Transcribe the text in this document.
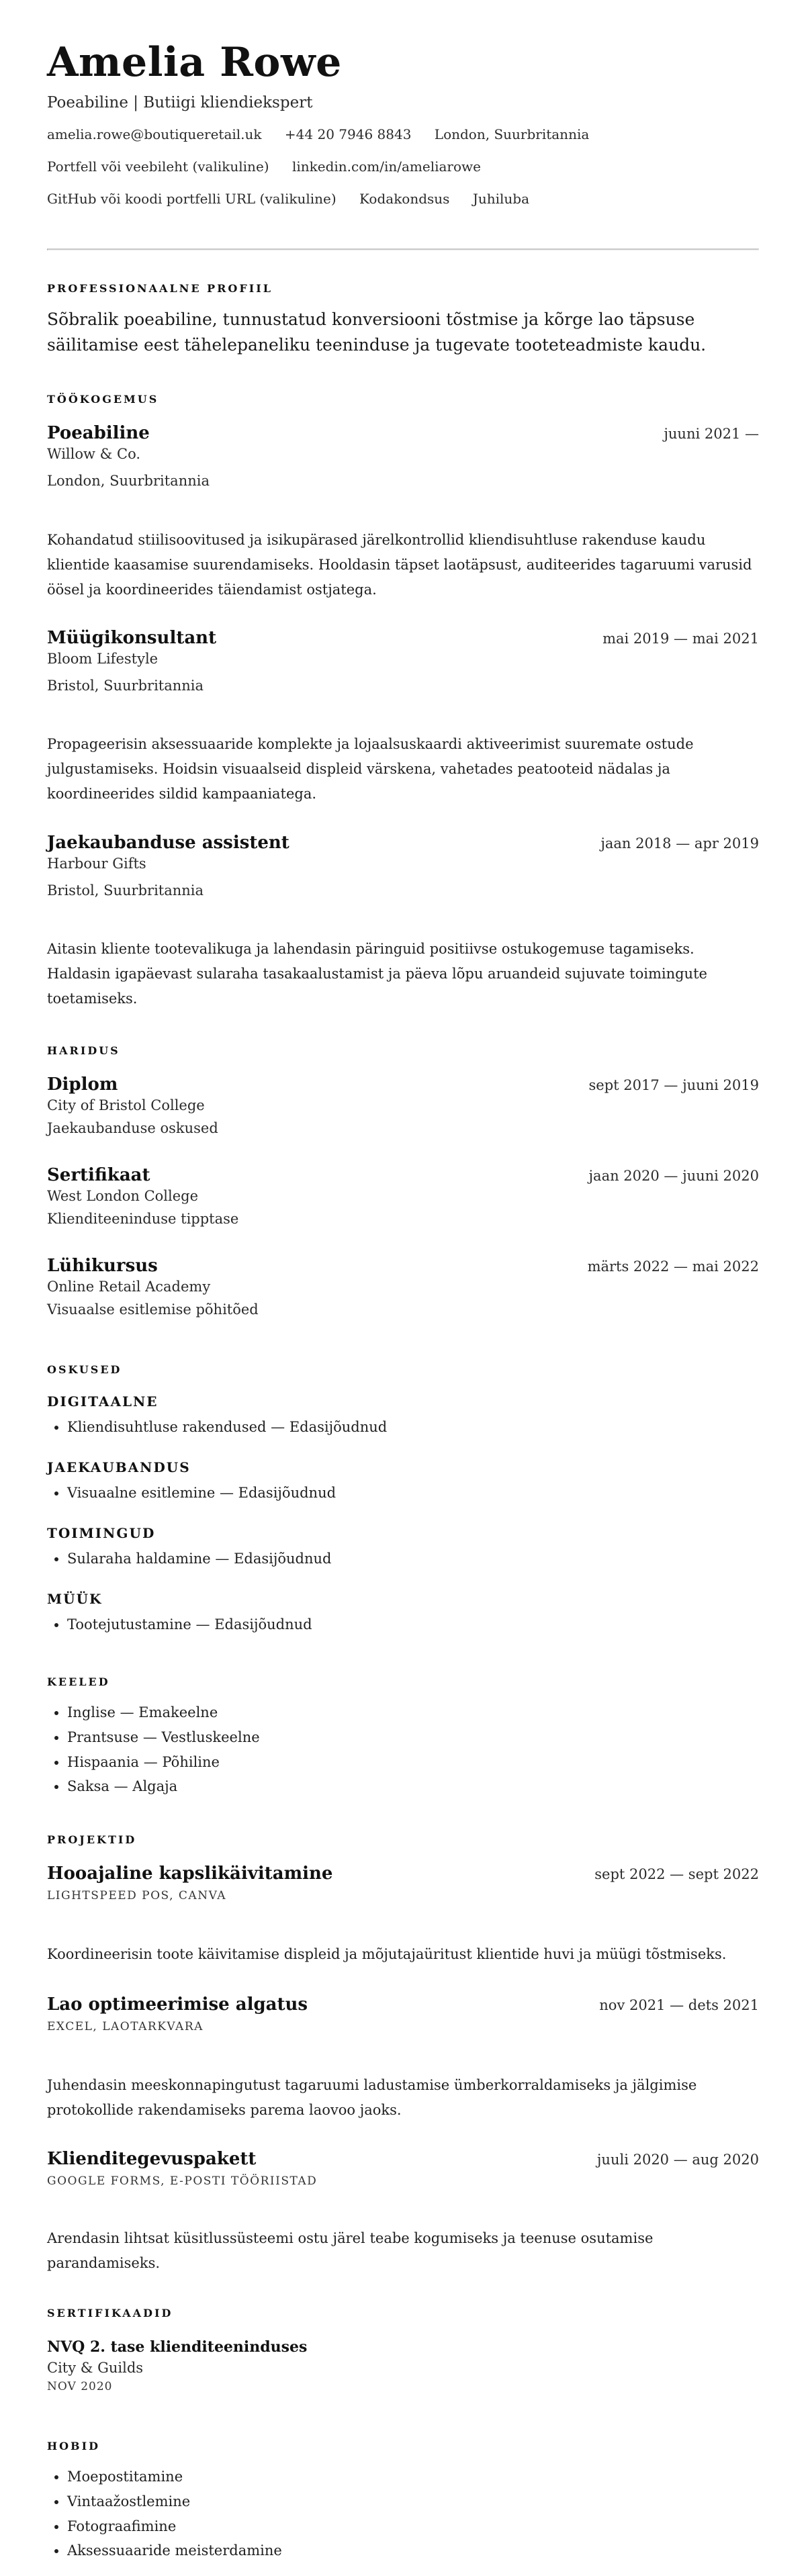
Amelia Rowe
Poeabiline | Butiigi kliendiekspert
amelia.rowe@boutiqueretail.uk +44 20 7946 8843 London, Suurbritannia
Portfell või veebileht (valikuline) linkedin.com/in/ameliarowe
GitHub või koodi portfelli URL (valikuline) Kodakondsus Juhiluba
PROFESSIONAALNE PROFIIL
Sõbralik poeabiline, tunnustatud konversiooni tõstmise ja kõrge lao täpsuse säilitamise eest tähelepaneliku teeninduse ja tugevate tooteteadmiste kaudu.
TÖÖKOGEMUS
Poeabiline	juuni 2021 —
Willow & Co.
London, Suurbritannia
Kohandatud stiilisoovitused ja isikupärased järelkontrollid kliendisuhtluse rakenduse kaudu klientide kaasamise suurendamiseks. Hooldasin täpset laotäpsust, auditeerides tagaruumi varusid öösel ja koordineerides täiendamist ostjatega.
Müügikonsultant	mai 2019 — mai 2021
Bloom Lifestyle
Bristol, Suurbritannia
Propageerisin aksessuaaride komplekte ja lojaalsuskaardi aktiveerimist suuremate ostude julgustamiseks. Hoidsin visuaalseid displeid värskena, vahetades peatooteid nädalas ja koordineerides sildid kampaaniatega.
Jaekaubanduse assistent	jaan 2018 — apr 2019
Harbour Gifts
Bristol, Suurbritannia
Aitasin kliente tootevalikuga ja lahendasin päringuid positiivse ostukogemuse tagamiseks. Haldasin igapäevast sularaha tasakaalustamist ja päeva lõpu aruandeid sujuvate toimingute toetamiseks.
HARIDUS
Diplom	sept 2017 — juuni 2019
City of Bristol College
Jaekaubanduse oskused
Sertifikaat	jaan 2020 — juuni 2020
West London College
Klienditeeninduse tipptase
Lühikursus	märts 2022 — mai 2022
Online Retail Academy
Visuaalse esitlemise põhitõed
OSKUSED
DIGITAALNE
• Kliendisuhtluse rakendused — Edasijõudnud
JAEKAUBANDUS
• Visuaalne esitlemine — Edasijõudnud
TOIMINGUD
• Sularaha haldamine — Edasijõudnud
MÜÜK
• Tootejutustamine — Edasijõudnud
KEELED
• Inglise — Emakeelne
• Prantsuse — Vestluskeelne
• Hispaania — Põhiline
• Saksa — Algaja
PROJEKTID
Hooajaline kapslikäivitamine	sept 2022 — sept 2022
LIGHTSPEED POS, CANVA
Koordineerisin toote käivitamise displeid ja mõjutajaüritust klientide huvi ja müügi tõstmiseks.
Lao optimeerimise algatus	nov 2021 — dets 2021
EXCEL, LAOTARKVARA
Juhendasin meeskonnapingutust tagaruumi ladustamise ümberkorraldamiseks ja jälgimise protokollide rakendamiseks parema laovoo jaoks.
Klienditegevuspakett	juuli 2020 — aug 2020
GOOGLE FORMS, E-POSTI TÖÖRIISTAD
Arendasin lihtsat küsitlussüsteemi ostu järel teabe kogumiseks ja teenuse osutamise parandamiseks.
SERTIFIKAADID
NVQ 2. tase klienditeeninduses
City & Guilds
NOV 2020
HOBID
• Moepostitamine
• Vintaažostlemine
• Fotograafimine
• Aksessuaaride meisterdamine
